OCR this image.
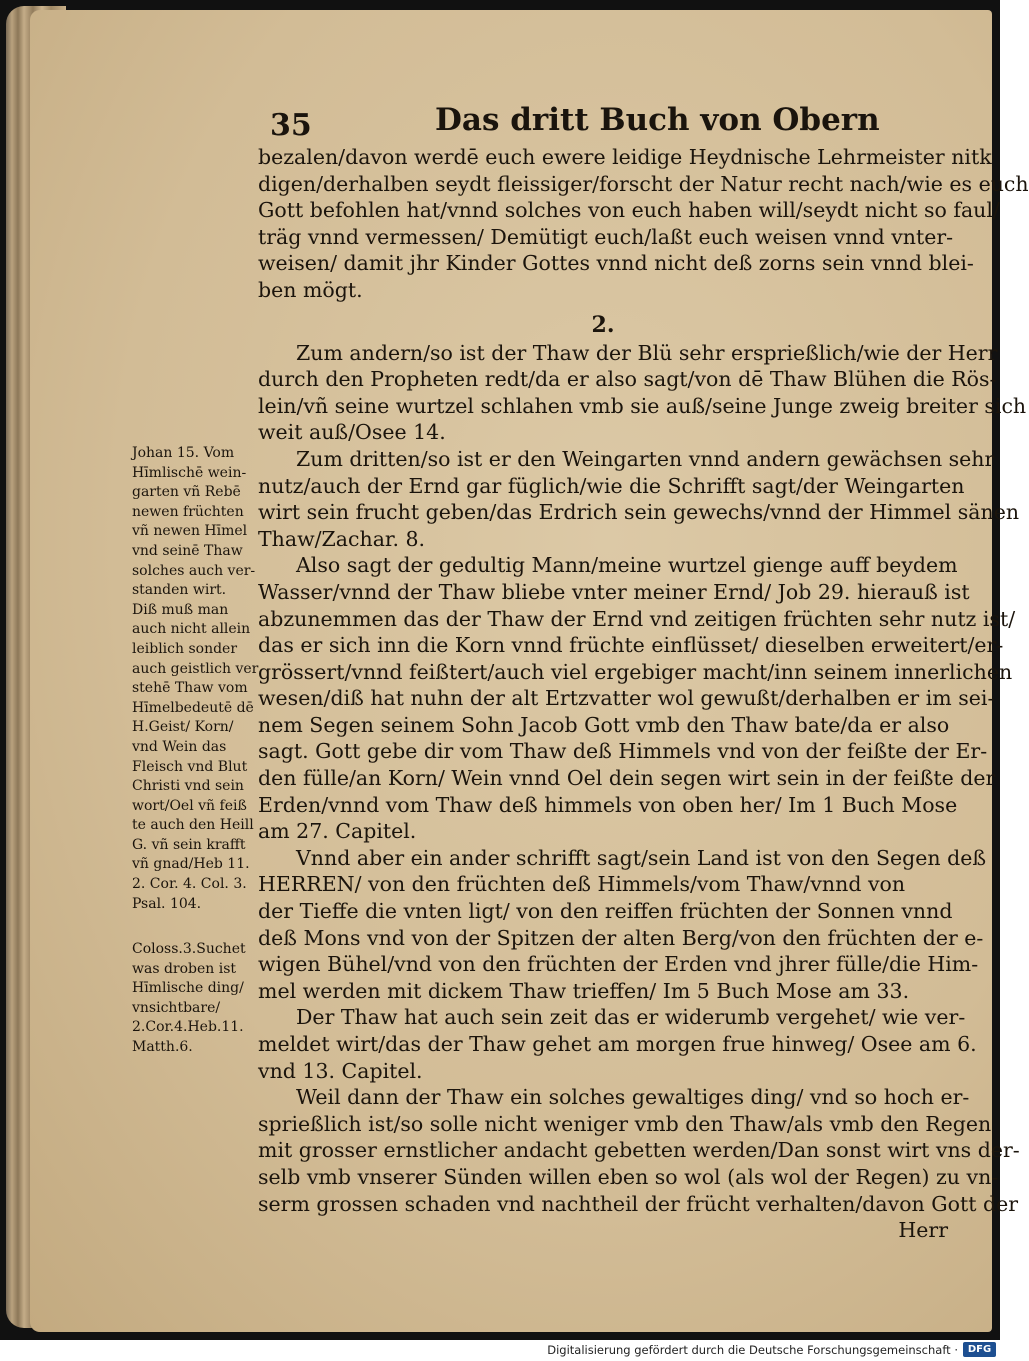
35	Das dritt Buch von Obern
bezalen/davon werdē euch ewere leidige Heydnische Lehrmeister nitk
digen/derhalben seydt fleissiger/forscht der Natur recht nach/wie es euch
Gott befohlen hat/vnnd solches von euch haben will/seydt nicht so faul/
träg vnnd vermessen/ Demütigt euch/laßt euch weisen vnnd vnter-
weisen/ damit jhr Kinder Gottes vnnd nicht deß zorns sein vnnd blei-
ben mögt.
2.
Zum andern/so ist der Thaw der Blü sehr ersprießlich/wie der Herr
durch den Propheten redt/da er also sagt/von dē Thaw Blühen die Rös-
lein/vñ seine wurtzel schlahen vmb sie auß/seine Junge zweig breiter sich
weit auß/Osee 14.
Zum dritten/so ist er den Weingarten vnnd andern gewächsen sehr
nutz/auch der Ernd gar füglich/wie die Schrifft sagt/der Weingarten
wirt sein frucht geben/das Erdrich sein gewechs/vnnd der Himmel sänen
Thaw/Zachar. 8.
Also sagt der gedultig Mann/meine wurtzel gienge auff beydem
Wasser/vnnd der Thaw bliebe vnter meiner Ernd/ Job 29. hierauß ist
abzunemmen das der Thaw der Ernd vnd zeitigen früchten sehr nutz ist/
das er sich inn die Korn vnnd früchte einflüsset/ dieselben erweitert/er-
grössert/vnnd feißtert/auch viel ergebiger macht/inn seinem innerlichen
wesen/diß hat nuhn der alt Ertzvatter wol gewußt/derhalben er im sei-
nem Segen seinem Sohn Jacob Gott vmb den Thaw bate/da er also
sagt. Gott gebe dir vom Thaw deß Himmels vnd von der feißte der Er-
den fülle/an Korn/ Wein vnnd Oel dein segen wirt sein in der feißte der
Erden/vnnd vom Thaw deß himmels von oben her/ Im 1 Buch Mose
am 27. Capitel.
Vnnd aber ein ander schrifft sagt/sein Land ist von den Segen deß
HERREN/ von den früchten deß Himmels/vom Thaw/vnnd von
der Tieffe die vnten ligt/ von den reiffen früchten der Sonnen vnnd
deß Mons vnd von der Spitzen der alten Berg/von den früchten der e-
wigen Bühel/vnd von den früchten der Erden vnd jhrer fülle/die Him-
mel werden mit dickem Thaw trieffen/ Im 5 Buch Mose am 33.
Der Thaw hat auch sein zeit das er widerumb vergehet/ wie ver-
meldet wirt/das der Thaw gehet am morgen frue hinweg/ Osee am 6.
vnd 13. Capitel.
Weil dann der Thaw ein solches gewaltiges ding/ vnd so hoch er-
sprießlich ist/so solle nicht weniger vmb den Thaw/als vmb den Regen
mit grosser ernstlicher andacht gebetten werden/Dan sonst wirt vns der-
selb vmb vnserer Sünden willen eben so wol (als wol der Regen) zu vn-
serm grossen schaden vnd nachtheil der frücht verhalten/davon Gott der
Herr
Johan 15. Vom
Hīmlischē wein-
garten vñ Rebē
newen früchten
vñ newen Hīmel
vnd seinē Thaw
solches auch ver-
standen wirt.
Diß muß man
auch nicht allein
leiblich sonder
auch geistlich ver
stehē Thaw vom
Hīmelbedeutē dē
H.Geist/ Korn/
vnd Wein das
Fleisch vnd Blut
Christi vnd sein
wort/Oel vñ feiß
te auch den Heill
G. vñ sein krafft
vñ gnad/Heb 11.
2. Cor. 4. Col. 3.
Psal. 104.
Coloss.3.Suchet
was droben ist
Hīmlische ding/
vnsichtbare/
2.Cor.4.Heb.11.
Matth.6.
Digitalisierung gefördert durch die Deutsche Forschungsgemeinschaft · DFG
